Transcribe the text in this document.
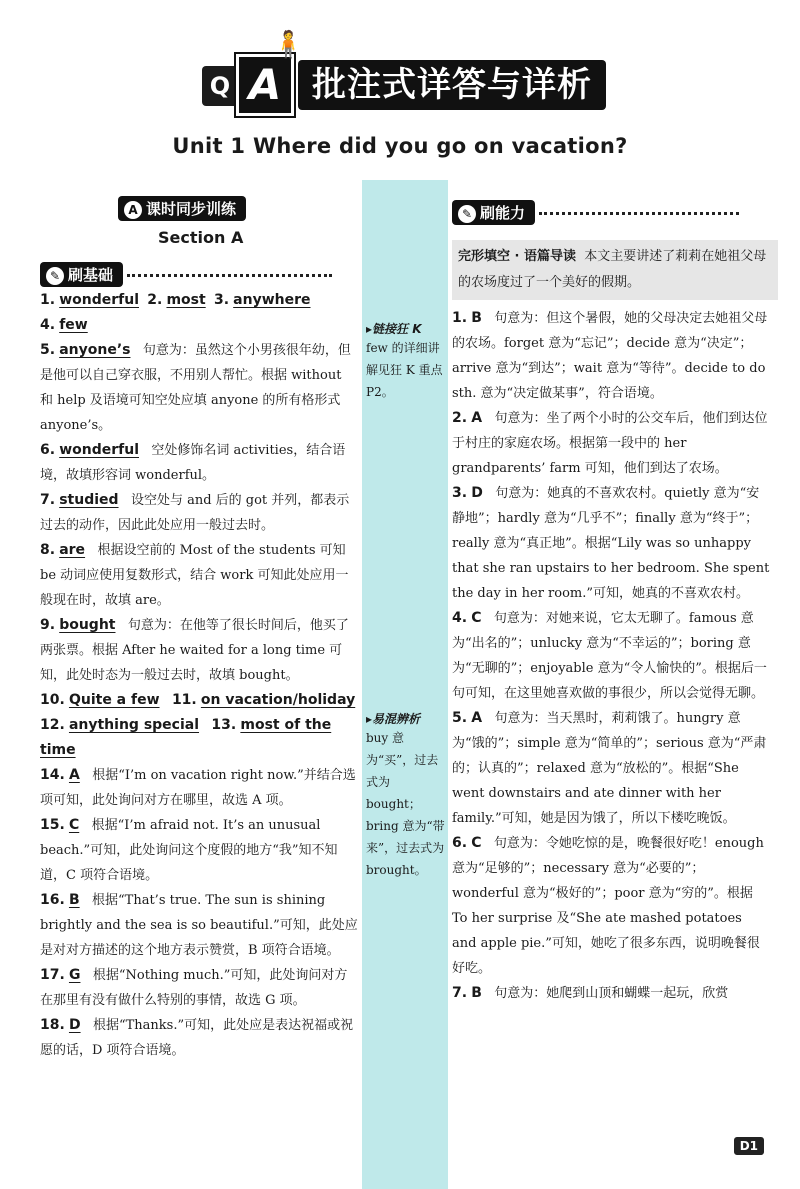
Q A
🧍
批注式详答与详析
Unit 1 Where did you go on vacation?
A 课时同步训练
Section A
✎ 刷基础

1. wonderful 2. most 3. anywhere

4. few

5. anyone’s   句意为：虽然这个小男孩很年幼，但是他可以自己穿衣服，不用别人帮忙。根据 without 和 help 及语境可知空处应填 anyone 的所有格形式 anyone’s。

6. wonderful   空处修饰名词 activities，结合语境，故填形容词 wonderful。

7. studied   设空处与 and 后的 got 并列，都表示过去的动作，因此此处应用一般过去时。

8. are   根据设空前的 Most of the students 可知 be 动词应使用复数形式，结合 work 可知此处应用一般现在时，故填 are。

9. bought   句意为：在他等了很长时间后，他买了两张票。根据 After he waited for a long time 可知，此处时态为一般过去时，故填 bought。

10. Quite a few 11. on vacation/holiday

12. anything special 13. most of the time

14. A   根据“I’m on vacation right now.”并结合选项可知，此处询问对方在哪里，故选 A 项。

15. C   根据“I’m afraid not. It’s an unusual beach.”可知，此处询问这个度假的地方“我”知不知道，C 项符合语境。

16. B   根据“That’s true. The sun is shining brightly and the sea is so beautiful.”可知，此处应是对对方描述的这个地方表示赞赏，B 项符合语境。

17. G   根据“Nothing much.”可知，此处询问对方在那里有没有做什么特别的事情，故选 G 项。

18. D   根据“Thanks.”可知，此处应是表达祝福或祝愿的话，D 项符合语境。

▸链接狂 K
few 的详细讲解见狂 K 重点 P2。
▸易混辨析
buy 意为“买”，过去式为 bought；bring 意为“带来”，过去式为 brought。
✎ 刷能力
完形填空 · 语篇导读 本文主要讲述了莉莉在她祖父母的农场度过了一个美好的假期。

1. B   句意为：但这个暑假，她的父母决定去她祖父母的农场。forget 意为“忘记”；decide 意为“决定”；arrive 意为“到达”；wait 意为“等待”。decide to do sth. 意为“决定做某事”，符合语境。

2. A   句意为：坐了两个小时的公交车后，他们到达位于村庄的家庭农场。根据第一段中的 her grandparents’ farm 可知，他们到达了农场。

3. D   句意为：她真的不喜欢农村。quietly 意为“安静地”；hardly 意为“几乎不”；finally 意为“终于”；really 意为“真正地”。根据“Lily was so unhappy that she ran upstairs to her bedroom. She spent the day in her room.”可知，她真的不喜欢农村。

4. C   句意为：对她来说，它太无聊了。famous 意为“出名的”；unlucky 意为“不幸运的”；boring 意为“无聊的”；enjoyable 意为“令人愉快的”。根据后一句可知，在这里她喜欢做的事很少，所以会觉得无聊。

5. A   句意为：当天黑时，莉莉饿了。hungry 意为“饿的”；simple 意为“简单的”；serious 意为“严肃的；认真的”；relaxed 意为“放松的”。根据“She went downstairs and ate dinner with her family.”可知，她是因为饿了，所以下楼吃晚饭。

6. C   句意为：令她吃惊的是，晚餐很好吃！enough 意为“足够的”；necessary 意为“必要的”；wonderful 意为“极好的”；poor 意为“穷的”。根据 To her surprise 及“She ate mashed potatoes and apple pie.”可知，她吃了很多东西，说明晚餐很好吃。

7. B   句意为：她爬到山顶和蝴蝶一起玩，欣赏

D1
